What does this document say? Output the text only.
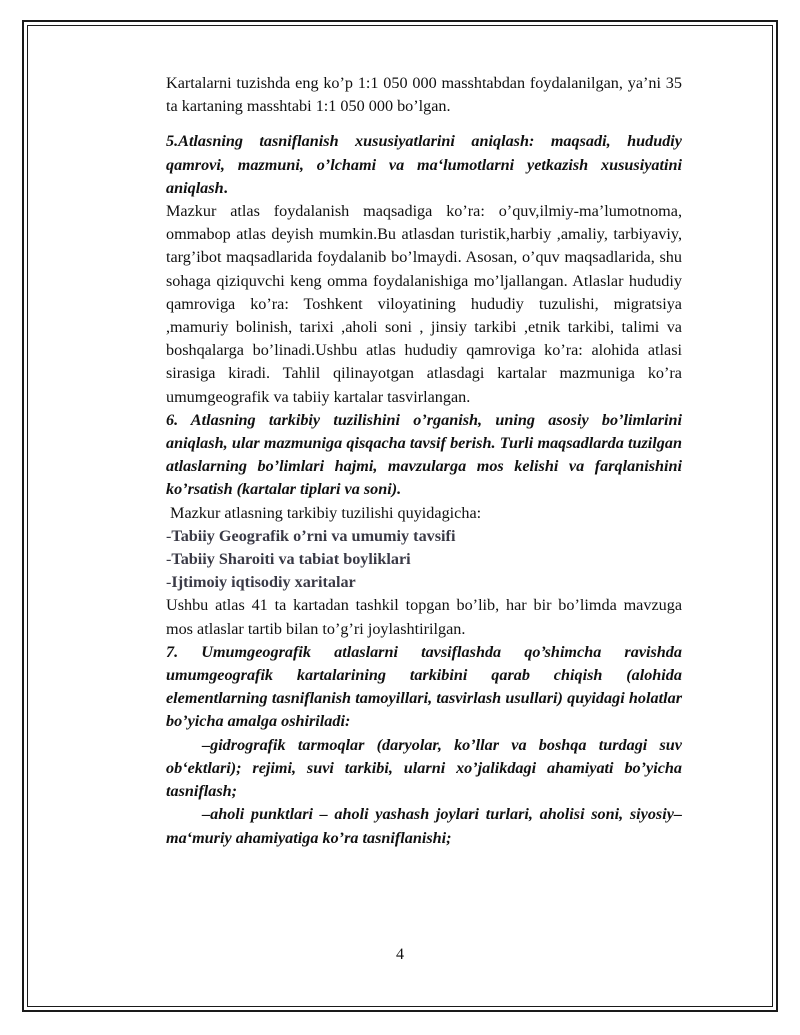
Kartalarni tuzishda eng ko’p 1:1 050 000 masshtabdan foydalanilgan, ya’ni 35 ta kartaning masshtabi 1:1 050 000 bo’lgan.

5.Atlasning tasniflanish xususiyatlarini aniqlash: maqsadi, hududiy qamrovi, mazmuni, o’lchami va ma‘lumotlarni yetkazish xususiyatini aniqlash.

Mazkur atlas foydalanish maqsadiga ko’ra: o’quv,ilmiy-ma’lumotnoma, ommabop atlas deyish mumkin.Bu atlasdan turistik,harbiy ,amaliy, tarbiyaviy, targ’ibot maqsadlarida foydalanib bo’lmaydi. Asosan, o’quv maqsadlarida, shu sohaga qiziquvchi keng omma foydalanishiga mo’ljallangan. Atlaslar hududiy qamroviga ko’ra: Toshkent viloyatining hududiy tuzulishi, migratsiya ,mamuriy bolinish, tarixi ,aholi soni , jinsiy tarkibi ,etnik tarkibi, talimi va boshqalarga bo’linadi.Ushbu atlas hududiy qamroviga ko’ra: alohida atlasi sirasiga kiradi. Tahlil qilinayotgan atlasdagi kartalar mazmuniga ko’ra umumgeografik va tabiiy kartalar tasvirlangan.

6. Atlasning tarkibiy tuzilishini o’rganish, uning asosiy bo’limlarini aniqlash, ular mazmuniga qisqacha tavsif berish. Turli maqsadlarda tuzilgan atlaslarning bo’limlari hajmi, mavzularga mos kelishi va farqlanishini ko’rsatish (kartalar tiplari va soni).

Mazkur atlasning tarkibiy tuzilishi quyidagicha:

-Tabiiy Geografik o’rni va umumiy tavsifi

-Tabiiy Sharoiti va tabiat boyliklari

-Ijtimoiy iqtisodiy xaritalar

Ushbu atlas 41 ta kartadan tashkil topgan bo’lib, har bir bo’limda mavzuga mos atlaslar tartib bilan to’g’ri joylashtirilgan.

7. Umumgeografik atlaslarni tavsiflashda qo’shimcha ravishda umumgeografik kartalarining tarkibini qarab chiqish (alohida elementlarning tasniflanish tamoyillari, tasvirlash usullari) quyidagi holatlar bo’yicha amalga oshiriladi:

–gidrografik tarmoqlar (daryolar, ko’llar va boshqa turdagi suv ob‘ektlari); rejimi, suvi tarkibi, ularni xo’jalikdagi ahamiyati bo’yicha tasniflash;

–aholi punktlari – aholi yashash joylari turlari, aholisi soni, siyosiy–ma‘muriy ahamiyatiga ko’ra tasniflanishi;

4
